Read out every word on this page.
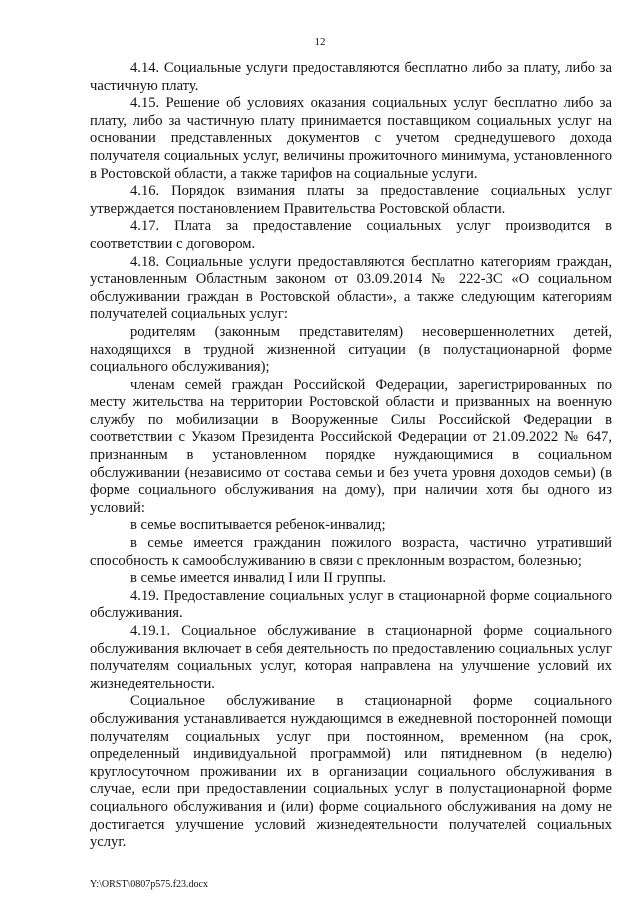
12

4.14. Социальные услуги предоставляются бесплатно либо за плату, либо за частичную плату.

4.15. Решение об условиях оказания социальных услуг бесплатно либо за плату, либо за частичную плату принимается поставщиком социальных услуг на основании представленных документов с учетом среднедушевого дохода получателя социальных услуг, величины прожиточного минимума, установленного в Ростовской области, а также тарифов на социальные услуги.

4.16. Порядок взимания платы за предоставление социальных услуг утверждается постановлением Правительства Ростовской области.

4.17. Плата за предоставление социальных услуг производится в соответствии с договором.

4.18. Социальные услуги предоставляются бесплатно категориям граждан, установленным Областным законом от 03.09.2014 № 222-ЗС «О социальном обслуживании граждан в Ростовской области», а также следующим категориям получателей социальных услуг:

родителям (законным представителям) несовершеннолетних детей, находящихся в трудной жизненной ситуации (в полустационарной форме социального обслуживания);

членам семей граждан Российской Федерации, зарегистрированных по месту жительства на территории Ростовской области и призванных на военную службу по мобилизации в Вооруженные Силы Российской Федерации в соответствии с Указом Президента Российской Федерации от 21.09.2022 № 647, признанным в установленном порядке нуждающимися в социальном обслуживании (независимо от состава семьи и без учета уровня доходов семьи) (в форме социального обслуживания на дому), при наличии хотя бы одного из условий:

в семье воспитывается ребенок-инвалид;

в семье имеется гражданин пожилого возраста, частично утративший способность к самообслуживанию в связи с преклонным возрастом, болезнью;

в семье имеется инвалид I или II группы.

4.19. Предоставление социальных услуг в стационарной форме социального обслуживания.

4.19.1. Социальное обслуживание в стационарной форме социального обслуживания включает в себя деятельность по предоставлению социальных услуг получателям социальных услуг, которая направлена на улучшение условий их жизнедеятельности.

Социальное обслуживание в стационарной форме социального обслуживания устанавливается нуждающимся в ежедневной посторонней помощи получателям социальных услуг при постоянном, временном (на срок, определенный индивидуальной программой) или пятидневном (в неделю) круглосуточном проживании их в организации социального обслуживания в случае, если при предоставлении социальных услуг в полустационарной форме социального обслуживания и (или) форме социального обслуживания на дому не достигается улучшение условий жизнедеятельности получателей социальных услуг.

Y:\ORST\0807p575.f23.docx
